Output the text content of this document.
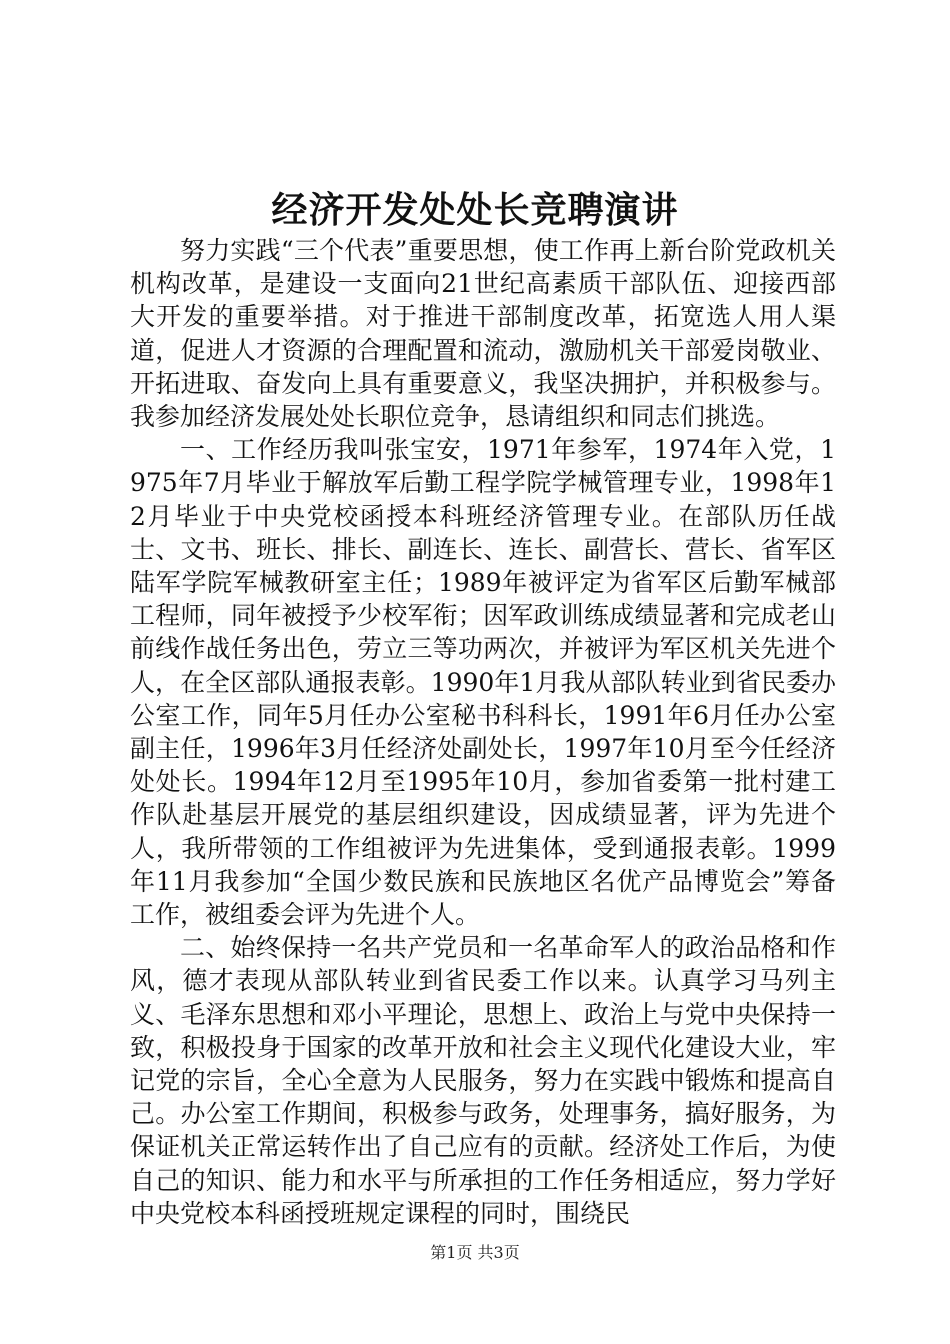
经济开发处处长竞聘演讲

努力实践“三个代表”重要思想，使工作再上新台阶党政机关机构改革，是建设一支面向21世纪高素质干部队伍、迎接西部大开发的重要举措。对于推进干部制度改革，拓宽选人用人渠道，促进人才资源的合理配置和流动，激励机关干部爱岗敬业、开拓进取、奋发向上具有重要意义，我坚决拥护，并积极参与。我参加经济发展处处长职位竞争，恳请组织和同志们挑选。

一、工作经历我叫张宝安，1971年参军，1974年入党，1975年7月毕业于解放军后勤工程学院学械管理专业，1998年12月毕业于中央党校函授本科班经济管理专业。在部队历任战士、文书、班长、排长、副连长、连长、副营长、营长、省军区陆军学院军械教研室主任；1989年被评定为省军区后勤军械部工程师，同年被授予少校军衔；因军政训练成绩显著和完成老山前线作战任务出色，劳立三等功两次，并被评为军区机关先进个人，在全区部队通报表彰。1990年1月我从部队转业到省民委办公室工作，同年5月任办公室秘书科科长，1991年6月任办公室副主任，1996年3月任经济处副处长，1997年10月至今任经济处处长。1994年12月至1995年10月，参加省委第一批村建工作队赴基层开展党的基层组织建设，因成绩显著，评为先进个人，我所带领的工作组被评为先进集体，受到通报表彰。1999年11月我参加“全国少数民族和民族地区名优产品博览会”筹备工作，被组委会评为先进个人。

二、始终保持一名共产党员和一名革命军人的政治品格和作风，德才表现从部队转业到省民委工作以来。认真学习马列主义、毛泽东思想和邓小平理论，思想上、政治上与党中央保持一致，积极投身于国家的改革开放和社会主义现代化建设大业，牢记党的宗旨，全心全意为人民服务，努力在实践中锻炼和提高自己。办公室工作期间，积极参与政务，处理事务，搞好服务，为保证机关正常运转作出了自己应有的贡献。经济处工作后，为使自己的知识、能力和水平与所承担的工作任务相适应，努力学好中央党校本科函授班规定课程的同时，围绕民

第1页 共3页
